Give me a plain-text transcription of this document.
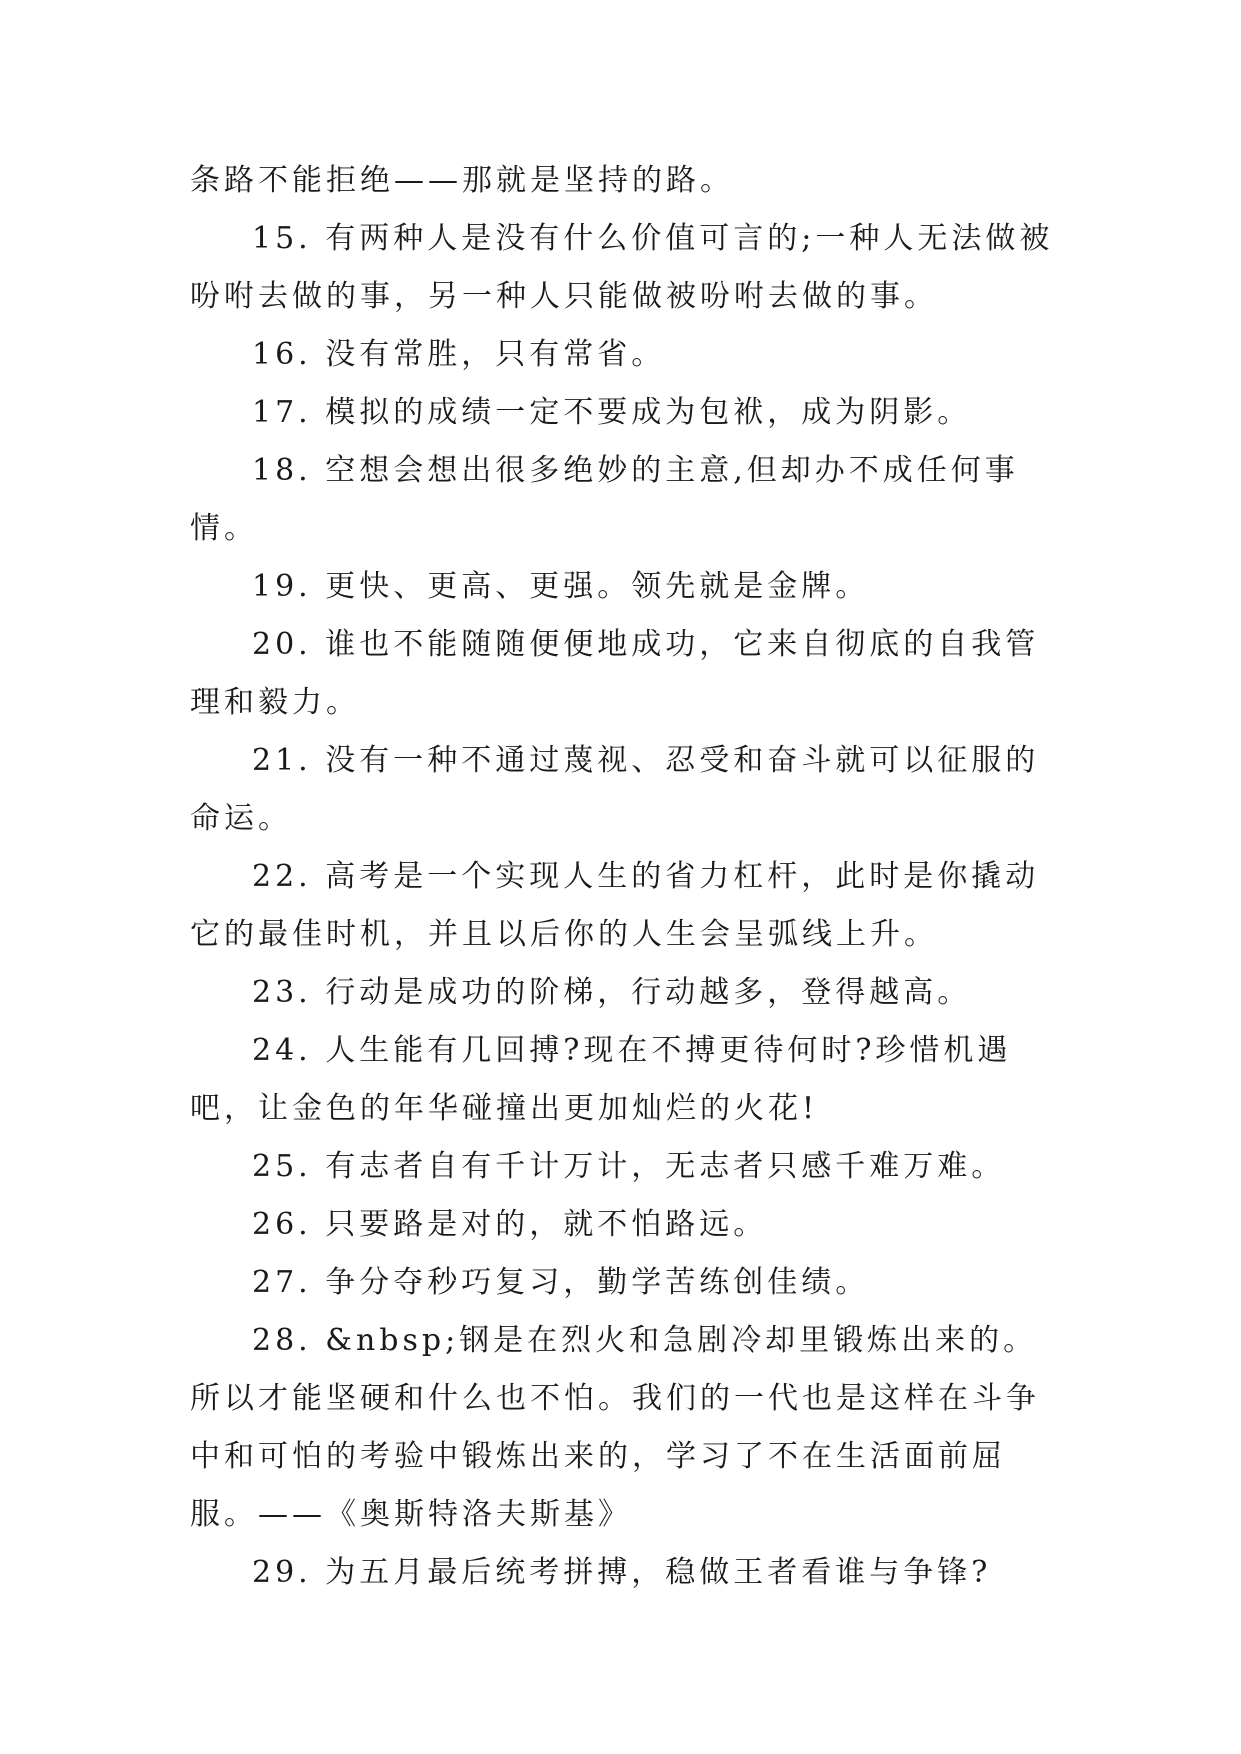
条路不能拒绝——那就是坚持的路。

15. 有两种人是没有什么价值可言的;一种人无法做被吩咐去做的事，另一种人只能做被吩咐去做的事。

16. 没有常胜，只有常省。

17. 模拟的成绩一定不要成为包袱，成为阴影。

18. 空想会想出很多绝妙的主意,但却办不成任何事情。

19. 更快、更高、更强。领先就是金牌。

20. 谁也不能随随便便地成功，它来自彻底的自我管理和毅力。

21. 没有一种不通过蔑视、忍受和奋斗就可以征服的命运。

22. 高考是一个实现人生的省力杠杆，此时是你撬动它的最佳时机，并且以后你的人生会呈弧线上升。

23. 行动是成功的阶梯，行动越多，登得越高。

24. 人生能有几回搏?现在不搏更待何时?珍惜机遇吧，让金色的年华碰撞出更加灿烂的火花!

25. 有志者自有千计万计，无志者只感千难万难。

26. 只要路是对的，就不怕路远。

27. 争分夺秒巧复习，勤学苦练创佳绩。

28. &nbsp;钢是在烈火和急剧冷却里锻炼出来的。所以才能坚硬和什么也不怕。我们的一代也是这样在斗争中和可怕的考验中锻炼出来的，学习了不在生活面前屈服。——《奥斯特洛夫斯基》

29. 为五月最后统考拼搏，稳做王者看谁与争锋?
